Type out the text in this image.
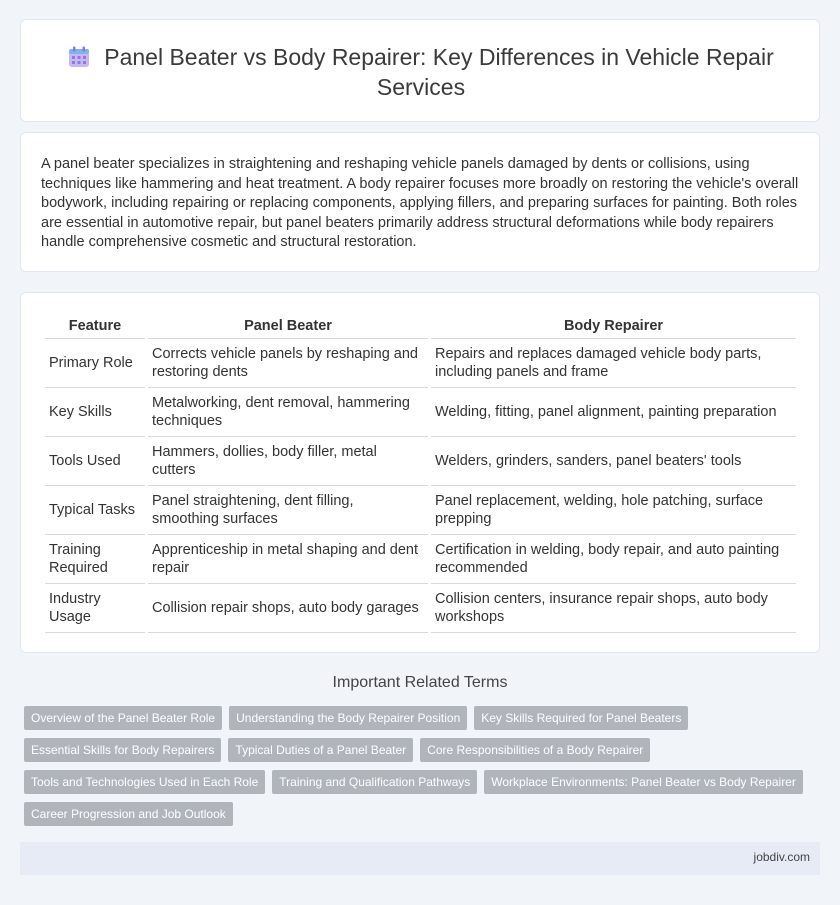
Panel Beater vs Body Repairer: Key Differences in Vehicle Repair Services

A panel beater specializes in straightening and reshaping vehicle panels damaged by dents or collisions, using techniques like hammering and heat treatment. A body repairer focuses more broadly on restoring the vehicle's overall bodywork, including repairing or replacing components, applying fillers, and preparing surfaces for painting. Both roles are essential in automotive repair, but panel beaters primarily address structural deformations while body repairers handle comprehensive cosmetic and structural restoration.

Feature	Panel Beater	Body Repairer
Primary Role	Corrects vehicle panels by reshaping and restoring dents	Repairs and replaces damaged vehicle body parts, including panels and frame
Key Skills	Metalworking, dent removal, hammering techniques	Welding, fitting, panel alignment, painting preparation
Tools Used	Hammers, dollies, body filler, metal cutters	Welders, grinders, sanders, panel beaters' tools
Typical Tasks	Panel straightening, dent filling, smoothing surfaces	Panel replacement, welding, hole patching, surface prepping
Training Required	Apprenticeship in metal shaping and dent repair	Certification in welding, body repair, and auto painting recommended
Industry Usage	Collision repair shops, auto body garages	Collision centers, insurance repair shops, auto body workshops
Important Related Terms
Overview of the Panel Beater Role	Understanding the Body Repairer Position	Key Skills Required for Panel Beaters
Essential Skills for Body Repairers	Typical Duties of a Panel Beater	Core Responsibilities of a Body Repairer
Tools and Technologies Used in Each Role	Training and Qualification Pathways	Workplace Environments: Panel Beater vs Body Repairer
Career Progression and Job Outlook
jobdiv.com
